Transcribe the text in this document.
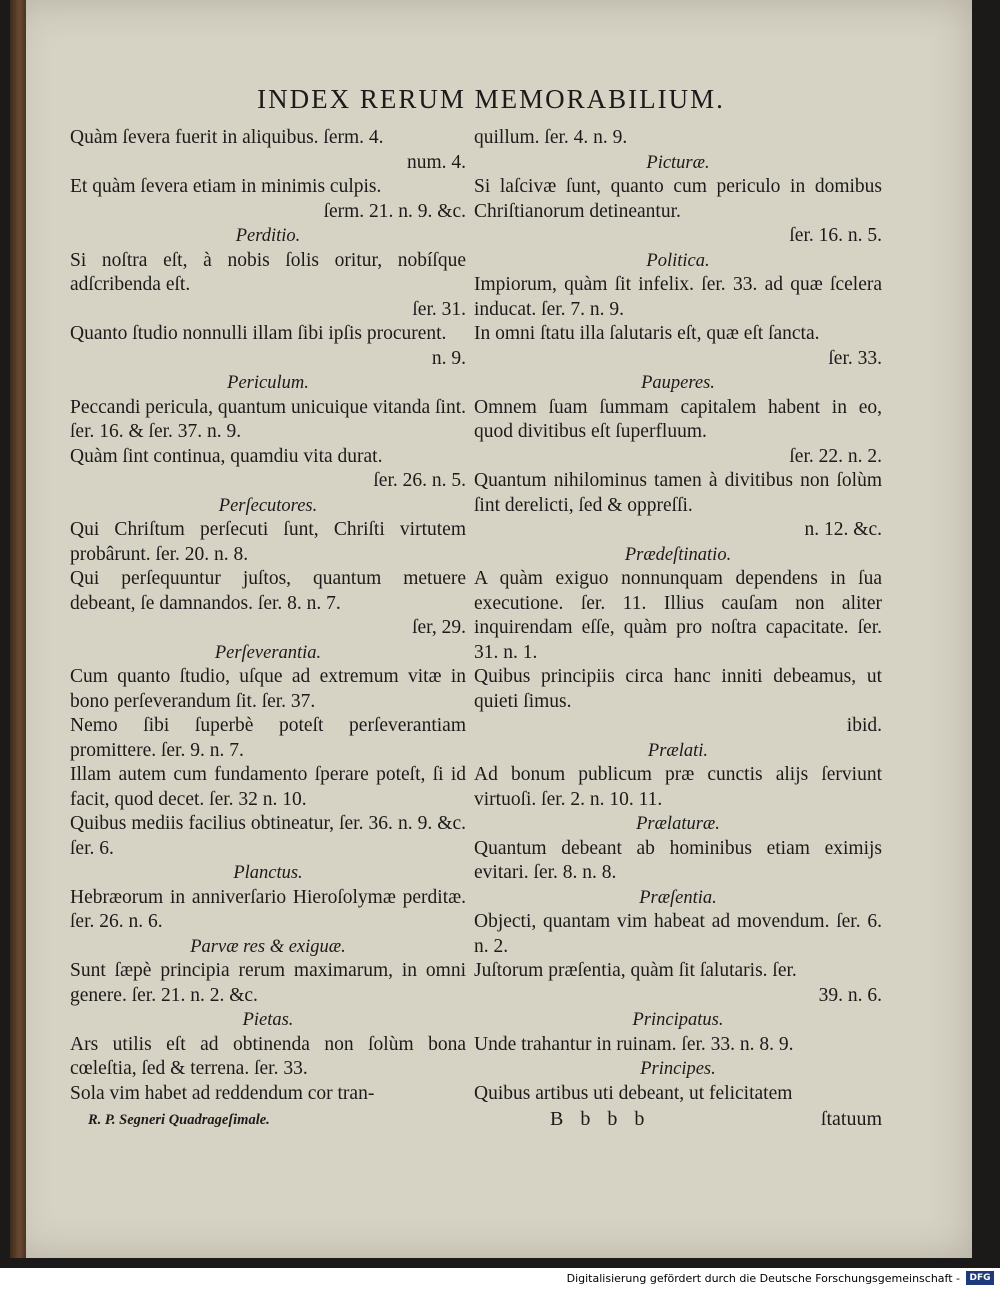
INDEX RERUM MEMORABILIUM.

Quàm ſevera fuerit in aliquibus. ſerm. 4.
num. 4.

Et quàm ſevera etiam in minimis culpis.
ſerm. 21. n. 9. &c.

Perditio.

Si noſtra eſt, à nobis ſolis oritur, nobíſque adſcribenda eſt.
ſer. 31.

Quanto ſtudio nonnulli illam ſibi ipſis procurent.
n. 9.

Periculum.

Peccandi pericula, quantum unicuique vitanda ſint. ſer. 16. & ſer. 37. n. 9.

Quàm ſint continua, quamdiu vita durat.
ſer. 26. n. 5.

Perſecutores.

Qui Chriſtum perſecuti ſunt, Chriſti virtutem probârunt. ſer. 20. n. 8.

Qui perſequuntur juſtos, quantum metuere debeant, ſe damnandos. ſer. 8. n. 7.
ſer, 29.

Perſeverantia.

Cum quanto ſtudio, uſque ad extremum vitæ in bono perſeverandum ſit. ſer. 37.

Nemo ſibi ſuperbè poteſt perſeverantiam promittere. ſer. 9. n. 7.

Illam autem cum fundamento ſperare poteſt, ſi id facit, quod decet. ſer. 32 n. 10.

Quibus mediis facilius obtineatur, ſer. 36. n. 9. &c. ſer. 6.

Planctus.

Hebræorum in anniverſario Hieroſolymæ perditæ. ſer. 26. n. 6.

Parvæ res & exiguæ.

Sunt ſæpè principia rerum maximarum, in omni genere. ſer. 21. n. 2. &c.

Pietas.

Ars utilis eſt ad obtinenda non ſolùm bona cœleſtia, ſed & terrena. ſer. 33.

Sola vim habet ad reddendum cor tran-

quillum. ſer. 4. n. 9.

Picturæ.

Si laſcivæ ſunt, quanto cum periculo in domibus Chriſtianorum detineantur.
ſer. 16. n. 5.

Politica.

Impiorum, quàm ſit infelix. ſer. 33. ad quæ ſcelera inducat. ſer. 7. n. 9.

In omni ſtatu illa ſalutaris eſt, quæ eſt ſancta.
ſer. 33.

Pauperes.

Omnem ſuam ſummam capitalem habent in eo, quod divitibus eſt ſuperfluum.
ſer. 22. n. 2.

Quantum nihilominus tamen à divitibus non ſolùm ſint derelicti, ſed & oppreſſi.
n. 12. &c.

Prædeſtinatio.

A quàm exiguo nonnunquam dependens in ſua executione. ſer. 11. Illius cauſam non aliter inquirendam eſſe, quàm pro noſtra capacitate. ſer. 31. n. 1.

Quibus principiis circa hanc inniti debeamus, ut quieti ſimus.
ibid.

Prælati.

Ad bonum publicum præ cunctis alijs ſerviunt virtuoſi. ſer. 2. n. 10. 11.

Prælaturæ.

Quantum debeant ab hominibus etiam eximijs evitari. ſer. 8. n. 8.

Præſentia.

Objecti, quantam vim habeat ad movendum. ſer. 6. n. 2.

Juſtorum præſentia, quàm ſit ſalutaris. ſer.
39. n. 6.

Principatus.

Unde trahantur in ruinam. ſer. 33. n. 8. 9.

Principes.

Quibus artibus uti debeant, ut felicitatem

R. P. Segneri Quadrageſimale.	B b b b	ſtatuum
Digitalisierung gefördert durch die Deutsche Forschungsgemeinschaft -	DFG
